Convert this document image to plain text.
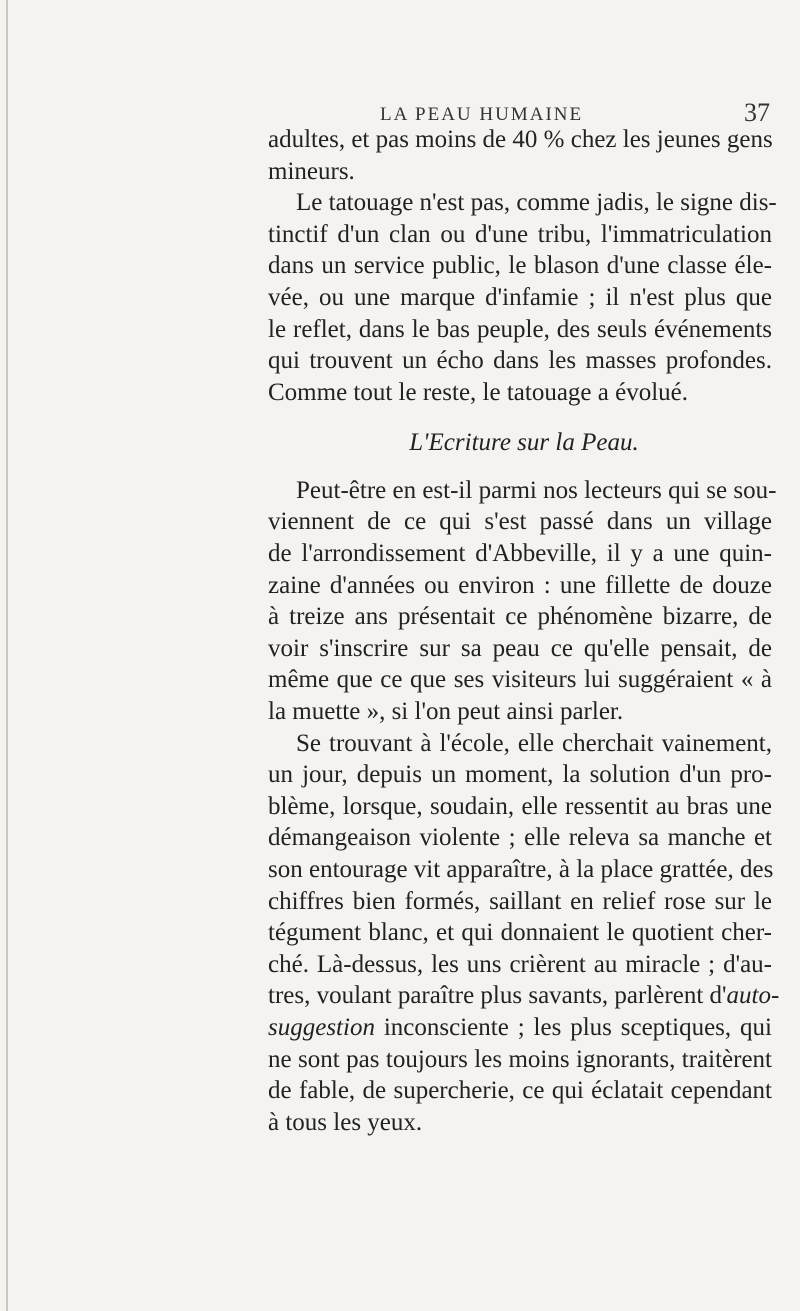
LA PEAU HUMAINE	37
L'Ecriture sur la Peau.
adultes, et pas moins de 40 % chez les jeunes gens
mineurs.
Le tatouage n'est pas, comme jadis, le signe dis-
tinctif d'un clan ou d'une tribu, l'immatriculation
dans un service public, le blason d'une classe éle-
vée, ou une marque d'infamie ; il n'est plus que
le reflet, dans le bas peuple, des seuls événements
qui trouvent un écho dans les masses profondes.
Comme tout le reste, le tatouage a évolué.
Peut-être en est-il parmi nos lecteurs qui se sou-
viennent de ce qui s'est passé dans un village
de l'arrondissement d'Abbeville, il y a une quin-
zaine d'années ou environ : une fillette de douze
à treize ans présentait ce phénomène bizarre, de
voir s'inscrire sur sa peau ce qu'elle pensait, de
même que ce que ses visiteurs lui suggéraient « à
la muette », si l'on peut ainsi parler.
Se trouvant à l'école, elle cherchait vainement,
un jour, depuis un moment, la solution d'un pro-
blème, lorsque, soudain, elle ressentit au bras une
démangeaison violente ; elle releva sa manche et
son entourage vit apparaître, à la place grattée, des
chiffres bien formés, saillant en relief rose sur le
tégument blanc, et qui donnaient le quotient cher-
ché. Là-dessus, les uns crièrent au miracle ; d'au-
tres, voulant paraître plus savants, parlèrent d'auto-
suggestion inconsciente ; les plus sceptiques, qui
ne sont pas toujours les moins ignorants, traitèrent
de fable, de supercherie, ce qui éclatait cependant
à tous les yeux.
